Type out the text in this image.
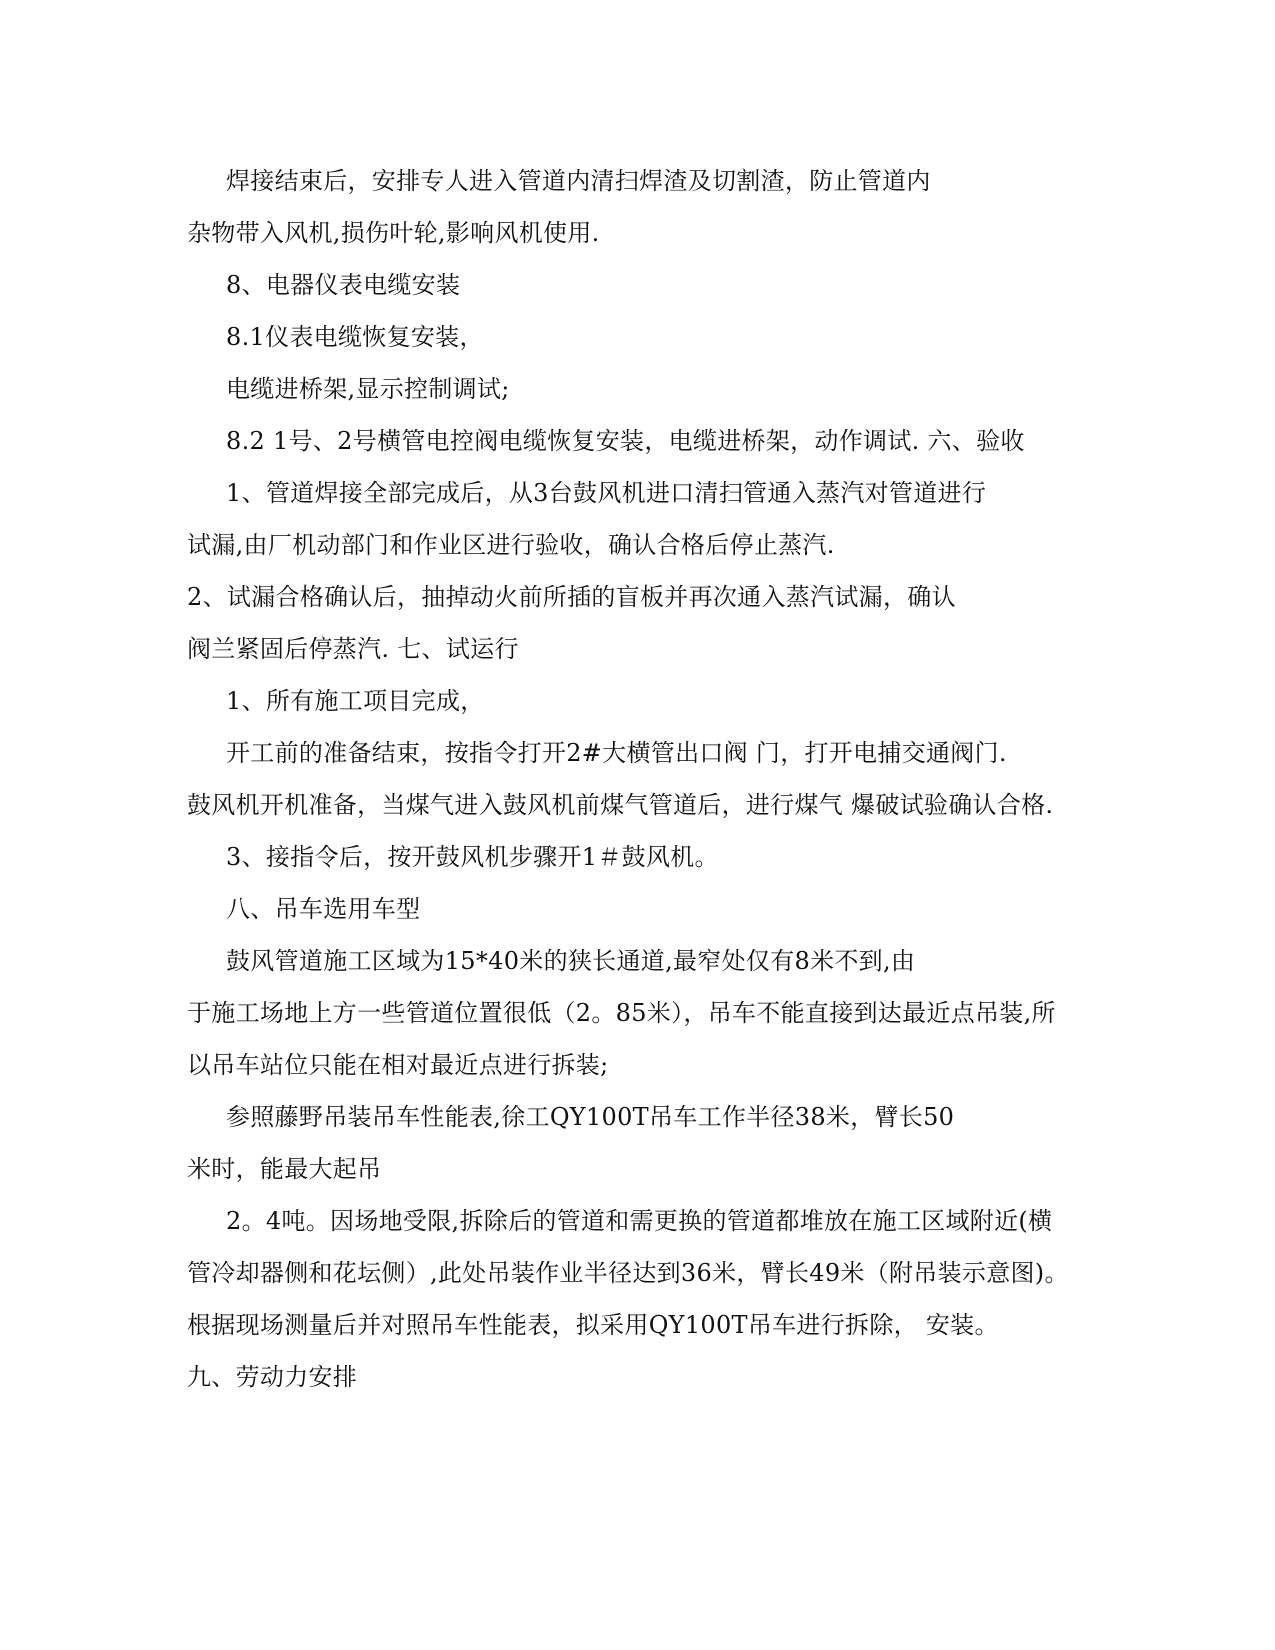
焊接结束后，安排专人进入管道内清扫焊渣及切割渣，防止管道内

杂物带入风机,损伤叶轮,影响风机使用.

8、电器仪表电缆安装

8.1仪表电缆恢复安装，

电缆进桥架,显示控制调试;

8.2 1号、2号横管电控阀电缆恢复安装，电缆进桥架，动作调试. 六、验收

1、管道焊接全部完成后，从3台鼓风机进口清扫管通入蒸汽对管道进行

试漏,由厂机动部门和作业区进行验收，确认合格后停止蒸汽.

2、试漏合格确认后，抽掉动火前所插的盲板并再次通入蒸汽试漏，确认

阀兰紧固后停蒸汽. 七、试运行

1、所有施工项目完成，

开工前的准备结束，按指令打开2#大横管出口阀 门，打开电捕交通阀门.

鼓风机开机准备，当煤气进入鼓风机前煤气管道后，进行煤气 爆破试验确认合格.

3、接指令后，按开鼓风机步骤开1＃鼓风机。

八、吊车选用车型

鼓风管道施工区域为15*40米的狭长通道,最窄处仅有8米不到,由

于施工场地上方一些管道位置很低（2。85米），吊车不能直接到达最近点吊装,所

以吊车站位只能在相对最近点进行拆装;

参照藤野吊装吊车性能表,徐工QY100T吊车工作半径38米，臂长50

米时，能最大起吊

2。4吨。因场地受限,拆除后的管道和需更换的管道都堆放在施工区域附近(横

管冷却器侧和花坛侧）,此处吊装作业半径达到36米，臂长49米（附吊装示意图)。

根据现场测量后并对照吊车性能表，拟采用QY100T吊车进行拆除， 安装。

九、劳动力安排
